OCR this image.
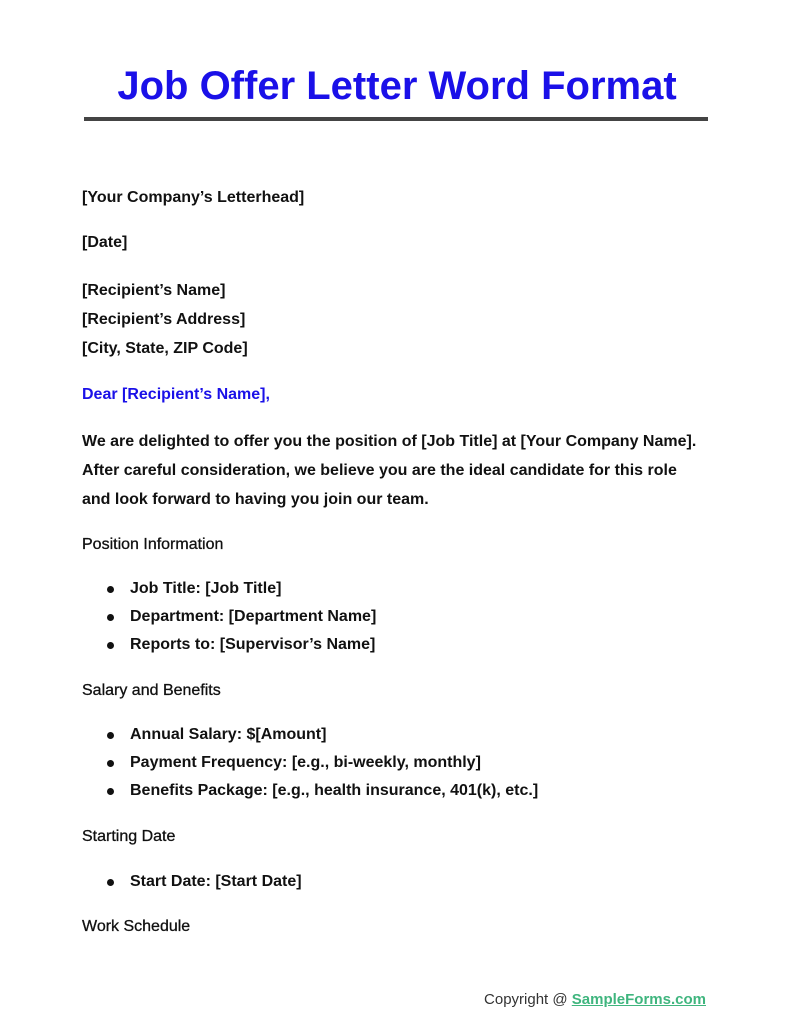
Job Offer Letter Word Format

[Your Company’s Letterhead]

[Date]

[Recipient’s Name]

[Recipient’s Address]

[City, State, ZIP Code]

Dear [Recipient’s Name],

We are delighted to offer you the position of [Job Title] at [Your Company Name].

After careful consideration, we believe you are the ideal candidate for this role

and look forward to having you join our team.

Position Information

Job Title: [Job Title]
Department: [Department Name]
Reports to: [Supervisor’s Name]

Salary and Benefits

Annual Salary: $[Amount]
Payment Frequency: [e.g., bi-weekly, monthly]
Benefits Package: [e.g., health insurance, 401(k), etc.]

Starting Date

Start Date: [Start Date]

Work Schedule

Copyright @ SampleForms.com
